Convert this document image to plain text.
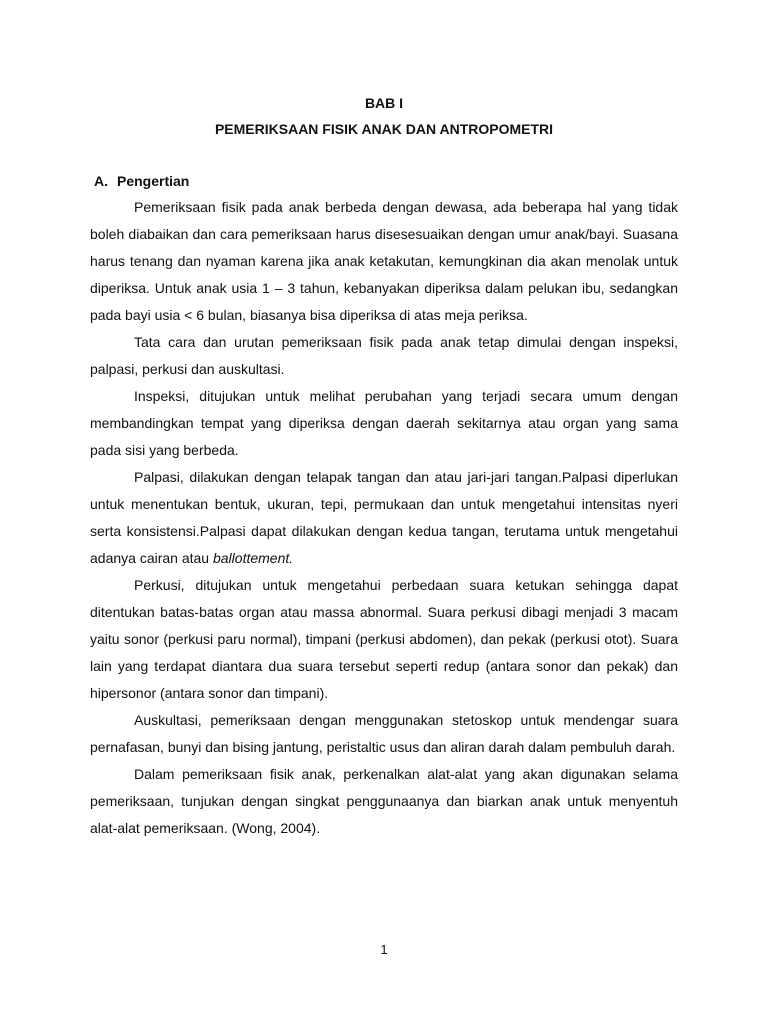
BAB I

PEMERIKSAAN FISIK ANAK DAN ANTROPOMETRI

A. Pengertian

Pemeriksaan fisik pada anak berbeda dengan dewasa, ada beberapa hal yang tidak boleh diabaikan dan cara pemeriksaan harus disesesuaikan dengan umur anak/bayi. Suasana harus tenang dan nyaman karena jika anak ketakutan, kemungkinan dia akan menolak untuk diperiksa. Untuk anak usia 1 – 3 tahun, kebanyakan diperiksa dalam pelukan ibu, sedangkan pada bayi usia < 6 bulan, biasanya bisa diperiksa di atas meja periksa.

Tata cara dan urutan pemeriksaan fisik pada anak tetap dimulai dengan inspeksi, palpasi, perkusi dan auskultasi.

Inspeksi, ditujukan untuk melihat perubahan yang terjadi secara umum dengan membandingkan tempat yang diperiksa dengan daerah sekitarnya atau organ yang sama pada sisi yang berbeda.

Palpasi, dilakukan dengan telapak tangan dan atau jari-jari tangan.Palpasi diperlukan untuk menentukan bentuk, ukuran, tepi, permukaan dan untuk mengetahui intensitas nyeri serta konsistensi.Palpasi dapat dilakukan dengan kedua tangan, terutama untuk mengetahui adanya cairan atau ballottement.

Perkusi, ditujukan untuk mengetahui perbedaan suara ketukan sehingga dapat ditentukan batas-batas organ atau massa abnormal. Suara perkusi dibagi menjadi 3 macam yaitu sonor (perkusi paru normal), timpani (perkusi abdomen), dan pekak (perkusi otot). Suara lain yang terdapat diantara dua suara tersebut seperti redup (antara sonor dan pekak) dan hipersonor (antara sonor dan timpani).

Auskultasi, pemeriksaan dengan menggunakan stetoskop untuk mendengar suara pernafasan, bunyi dan bising jantung, peristaltic usus dan aliran darah dalam pembuluh darah.

Dalam pemeriksaan fisik anak, perkenalkan alat-alat yang akan digunakan selama pemeriksaan, tunjukan dengan singkat penggunaanya dan biarkan anak untuk menyentuh alat-alat pemeriksaan. (Wong, 2004).

1
